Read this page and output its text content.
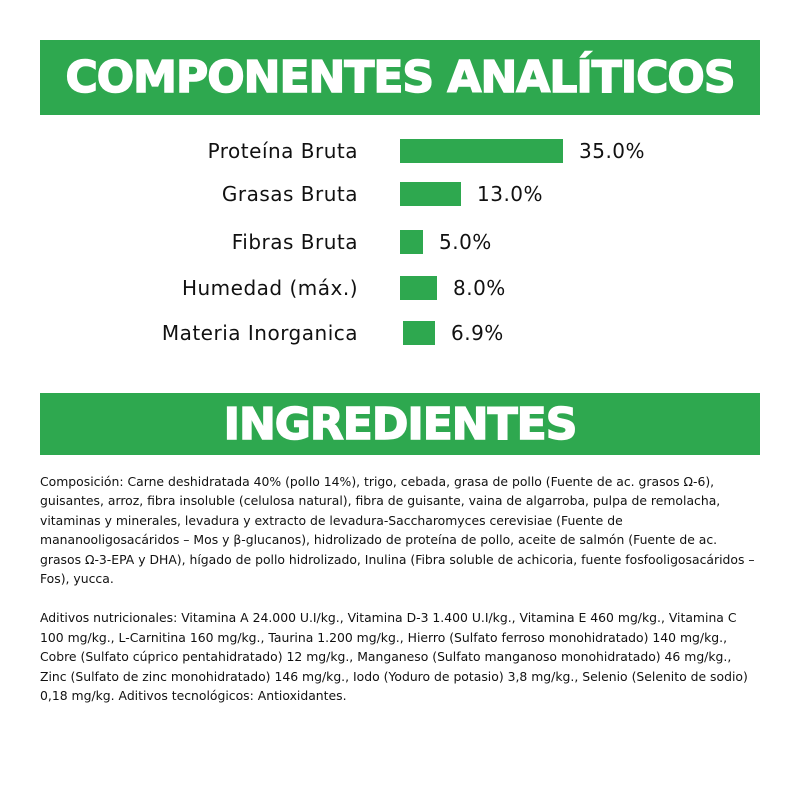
COMPONENTES ANALÍTICOS
Proteína Bruta	35.0%
Grasas Bruta	13.0%
Fibras Bruta	5.0%
Humedad (máx.)	8.0%
Materia Inorganica	6.9%
INGREDIENTES

Composición: Carne deshidratada 40% (pollo 14%), trigo, cebada, grasa de pollo (Fuente de ac. grasos Ω-6), guisantes, arroz, fibra insoluble (celulosa natural), fibra de guisante, vaina de algarroba, pulpa de remolacha, vitaminas y minerales, levadura y extracto de levadura-Saccharomyces cerevisiae (Fuente de mananooligosacáridos – Mos y β-glucanos), hidrolizado de proteína de pollo, aceite de salmón (Fuente de ac. grasos Ω-3-EPA y DHA), hígado de pollo hidrolizado, Inulina (Fibra soluble de achicoria, fuente fosfooligosacáridos – Fos), yucca.

Aditivos nutricionales: Vitamina A 24.000 U.I/kg., Vitamina D-3 1.400 U.I/kg., Vitamina E 460 mg/kg., Vitamina C 100 mg/kg., L-Carnitina 160 mg/kg., Taurina 1.200 mg/kg., Hierro (Sulfato ferroso monohidratado) 140 mg/kg., Cobre (Sulfato cúprico pentahidratado) 12 mg/kg., Manganeso (Sulfato manganoso monohidratado) 46 mg/kg., Zinc (Sulfato de zinc monohidratado) 146 mg/kg., Iodo (Yoduro de potasio) 3,8 mg/kg., Selenio (Selenito de sodio) 0,18 mg/kg. Aditivos tecnológicos: Antioxidantes.
